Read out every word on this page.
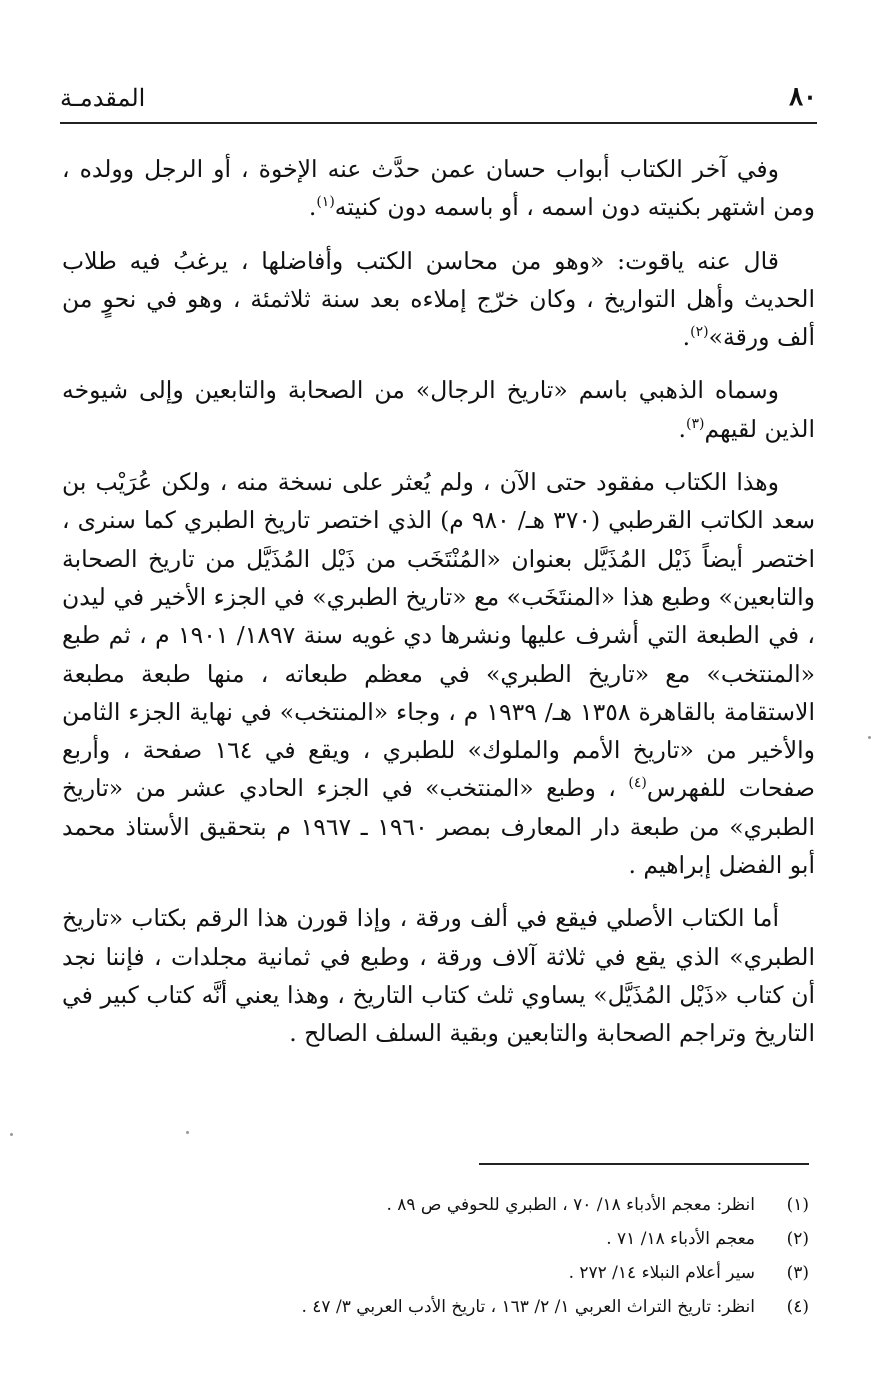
٨٠
المقدمـة

وفي آخر الكتاب أبواب حسان عمن حدَّث عنه الإخوة ، أو الرجل وولده ، ومن اشتهر بكنيته دون اسمه ، أو باسمه دون كنيته$^{(١)}$.

قال عنه ياقوت: «وهو من محاسن الكتب وأفاضلها ، يرغبُ فيه طلاب الحديث وأهل التواريخ ، وكان خرّج إملاءه بعد سنة ثلاثمئة ، وهو في نحوٍ من ألف ورقة»$^{(٢)}$.

وسماه الذهبي باسم «تاريخ الرجال» من الصحابة والتابعين وإلى شيوخه الذين لقيهم$^{(٣)}$.

وهذا الكتاب مفقود حتى الآن ، ولم يُعثر على نسخة منه ، ولكن عُرَيْب بن سعد الكاتب القرطبي (٣٧٠ هـ/ ٩٨٠ م) الذي اختصر تاريخ الطبري كما سنرى ، اختصر أيضاً ذَيْل المُذَيَّل بعنوان «المُنْتَخَب من ذَيْل المُذَيَّل من تاريخ الصحابة والتابعين» وطبع هذا «المنتَخَب» مع «تاريخ الطبري» في الجزء الأخير في ليدن ، في الطبعة التي أشرف عليها ونشرها دي غويه سنة ١٨٩٧/ ١٩٠١ م ، ثم طبع «المنتخب» مع «تاريخ الطبري» في معظم طبعاته ، منها طبعة مطبعة الاستقامة بالقاهرة ١٣٥٨ هـ/ ١٩٣٩ م ، وجاء «المنتخب» في نهاية الجزء الثامن والأخير من «تاريخ الأمم والملوك» للطبري ، ويقع في ١٦٤ صفحة ، وأربع صفحات للفهرس$^{(٤)}$ ، وطبع «المنتخب» في الجزء الحادي عشر من «تاريخ الطبري» من طبعة دار المعارف بمصر ١٩٦٠ ـ ١٩٦٧ م بتحقيق الأستاذ محمد أبو الفضل إبراهيم .

أما الكتاب الأصلي فيقع في ألف ورقة ، وإذا قورن هذا الرقم بكتاب «تاريخ الطبري» الذي يقع في ثلاثة آلاف ورقة ، وطبع في ثمانية مجلدات ، فإننا نجد أن كتاب «ذَيْل المُذَيَّل» يساوي ثلث كتاب التاريخ ، وهذا يعني أنَّه كتاب كبير في التاريخ وتراجم الصحابة والتابعين وبقية السلف الصالح .

(١)
انظر: معجم الأدباء ١٨/ ٧٠ ، الطبري للحوفي ص ٨٩ .
(٢)
معجم الأدباء ١٨/ ٧١ .
(٣)
سير أعلام النبلاء ١٤/ ٢٧٢ .
(٤)
انظر: تاريخ التراث العربي ١/ ٢/ ١٦٣ ، تاريخ الأدب العربي ٣/ ٤٧ .
